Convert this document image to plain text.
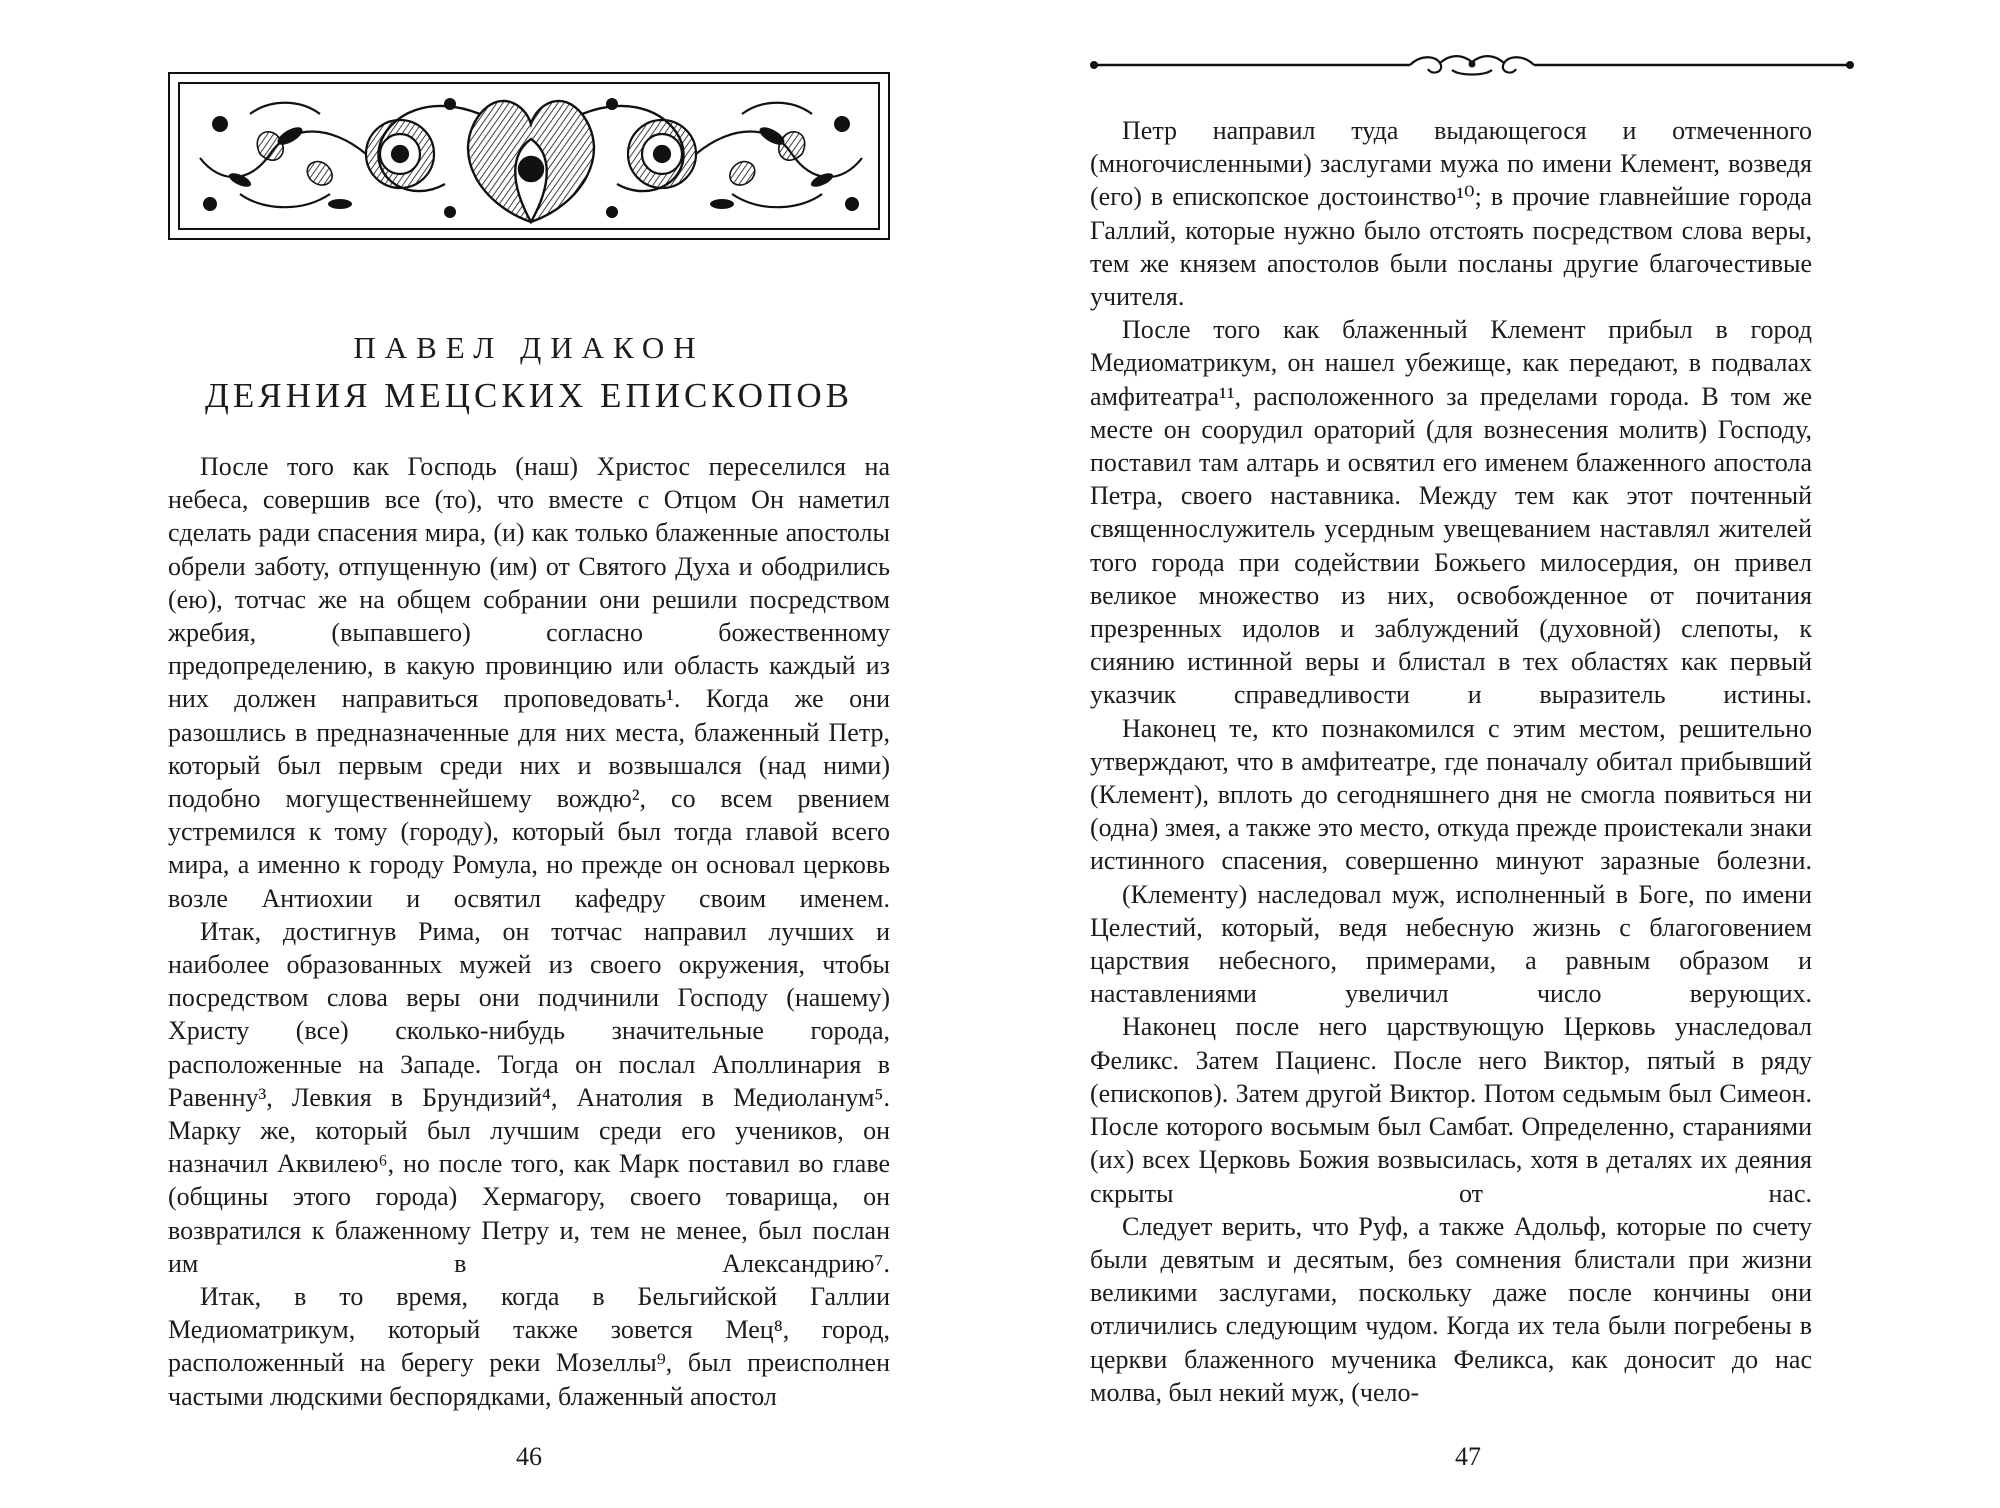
ПАВЕЛ ДИАКОН
ДЕЯНИЯ МЕЦСКИХ ЕПИСКОПОВ

После того как Господь (наш) Христос переселился на небеса, совершив все (то), что вместе с Отцом Он наметил сделать ради спасения мира, (и) как только блаженные апостолы обрели заботу, отпущенную (им) от Святого Духа и ободрились (ею), тотчас же на общем собрании они решили посредством жребия, (выпавшего) согласно божественному предопределению, в какую провинцию или область каждый из них должен направиться проповедовать¹. Когда же они разошлись в предназначенные для них места, блаженный Петр, который был первым среди них и возвышался (над ними) подобно могущественнейшему вождю², со всем рвением устремился к тому (городу), который был тогда главой всего мира, а именно к городу Ромула, но прежде он основал церковь возле Антиохии и освятил кафедру своим именем.

Итак, достигнув Рима, он тотчас направил лучших и наиболее образованных мужей из своего окружения, чтобы посредством слова веры они подчинили Господу (нашему) Христу (все) сколько-нибудь значительные города, расположенные на Западе. Тогда он послал Аполлинария в Равенну³, Левкия в Брундизий⁴, Анатолия в Медиоланум⁵. Марку же, который был лучшим среди его учеников, он назначил Аквилею⁶, но после того, как Марк поставил во главе (общины этого города) Хермагору, своего товарища, он возвратился к блаженному Петру и, тем не менее, был послан им в Александрию⁷.

Итак, в то время, когда в Бельгийской Галлии Медиоматрикум, который также зовется Мец⁸, город, расположенный на берегу реки Мозеллы⁹, был преисполнен частыми людскими беспорядками, блаженный апостол

46

Петр направил туда выдающегося и отмеченного (многочисленными) заслугами мужа по имени Клемент, возведя (его) в епископское достоинство¹⁰; в прочие главнейшие города Галлий, которые нужно было отстоять посредством слова веры, тем же князем апостолов были посланы другие благочестивые учителя.

После того как блаженный Клемент прибыл в город Медиоматрикум, он нашел убежище, как передают, в подвалах амфитеатра¹¹, расположенного за пределами города. В том же месте он соорудил ораторий (для вознесения молитв) Господу, поставил там алтарь и освятил его именем блаженного апостола Петра, своего наставника. Между тем как этот почтенный священнослужитель усердным увещеванием наставлял жителей того города при содействии Божьего милосердия, он привел великое множество из них, освобожденное от почитания презренных идолов и заблуждений (духовной) слепоты, к сиянию истинной веры и блистал в тех областях как первый указчик справедливости и выразитель истины.

Наконец те, кто познакомился с этим местом, решительно утверждают, что в амфитеатре, где поначалу обитал прибывший (Клемент), вплоть до сегодняшнего дня не смогла появиться ни (одна) змея, а также это место, откуда прежде проистекали знаки истинного спасения, совершенно минуют заразные болезни.

(Клементу) наследовал муж, исполненный в Боге, по имени Целестий, который, ведя небесную жизнь с благоговением царствия небесного, примерами, а равным образом и наставлениями увеличил число верующих.

Наконец после него царствующую Церковь унаследовал Феликс. Затем Пациенс. После него Виктор, пятый в ряду (епископов). Затем другой Виктор. Потом седьмым был Симеон. После которого восьмым был Самбат. Определенно, стараниями (их) всех Церковь Божия возвысилась, хотя в деталях их деяния скрыты от нас.

Следует верить, что Руф, а также Адольф, которые по счету были девятым и десятым, без сомнения блистали при жизни великими заслугами, поскольку даже после кончины они отличились следующим чудом. Когда их тела были погребены в церкви блаженного мученика Феликса, как доносит до нас молва, был некий муж, (чело-

47
